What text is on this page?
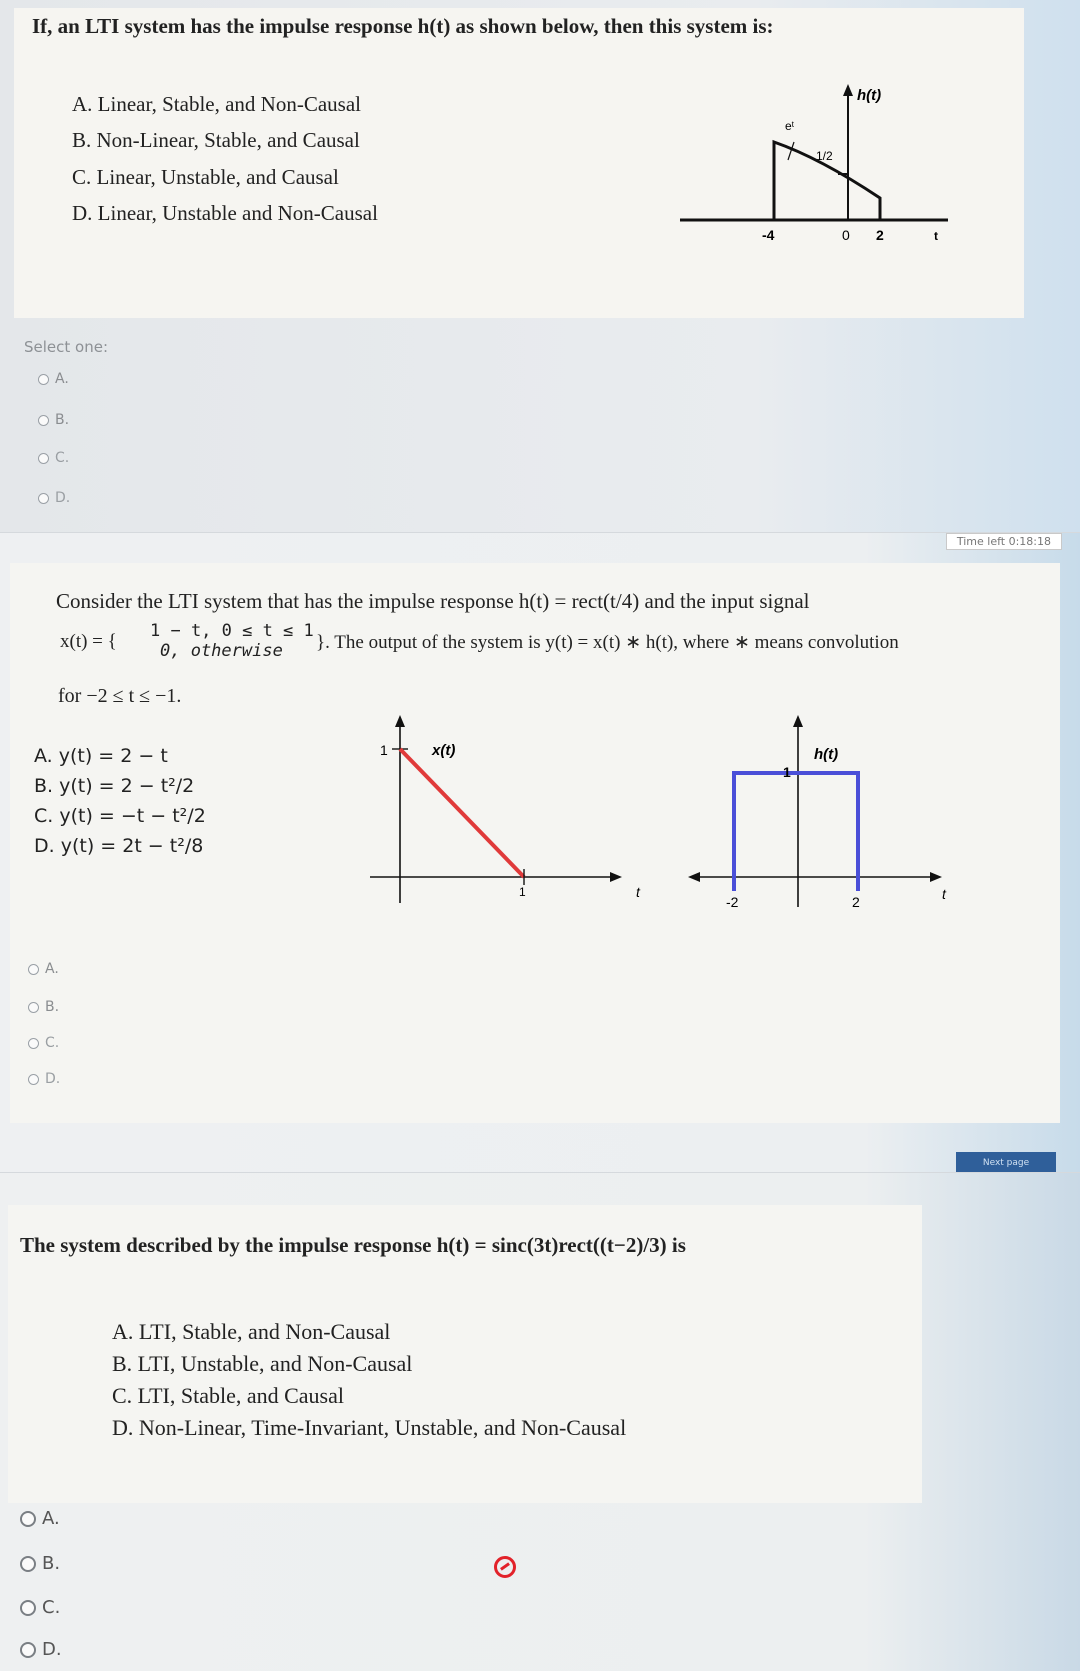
If, an LTI system has the impulse response h(t) as shown below, then this system is:
A. Linear, Stable, and Non-Causal
B. Non-Linear, Stable, and Causal
C. Linear, Unstable, and Causal
D. Linear, Unstable and Non-Causal
h(t)
eᵗ
1/2
-4	0 2	t
Select one:
A.
B.
C.
D.
Time left 0:18:18
Consider the LTI system that has the impulse response h(t) = rect(t/4) and the input signal
x(t) = { 1 − t, 0 ≤ t ≤ 1
0, otherwise }. The output of the system is y(t) = x(t) ∗ h(t), where ∗ means convolution
for −2 ≤ t ≤ −1.
A. y(t) = 2 − t
B. y(t) = 2 − t²/2
C. y(t) = −t − t²/2
D. y(t) = 2t − t²/8
1	x(t)
1	t
1
h(t)
-2	2	t
A.
B.
C.
D.
Next page
The system described by the impulse response h(t) = sinc(3t)rect((t−2)/3) is
A. LTI, Stable, and Non-Causal
B. LTI, Unstable, and Non-Causal
C. LTI, Stable, and Causal
D. Non-Linear, Time-Invariant, Unstable, and Non-Causal
A.
B.
C.
D.
